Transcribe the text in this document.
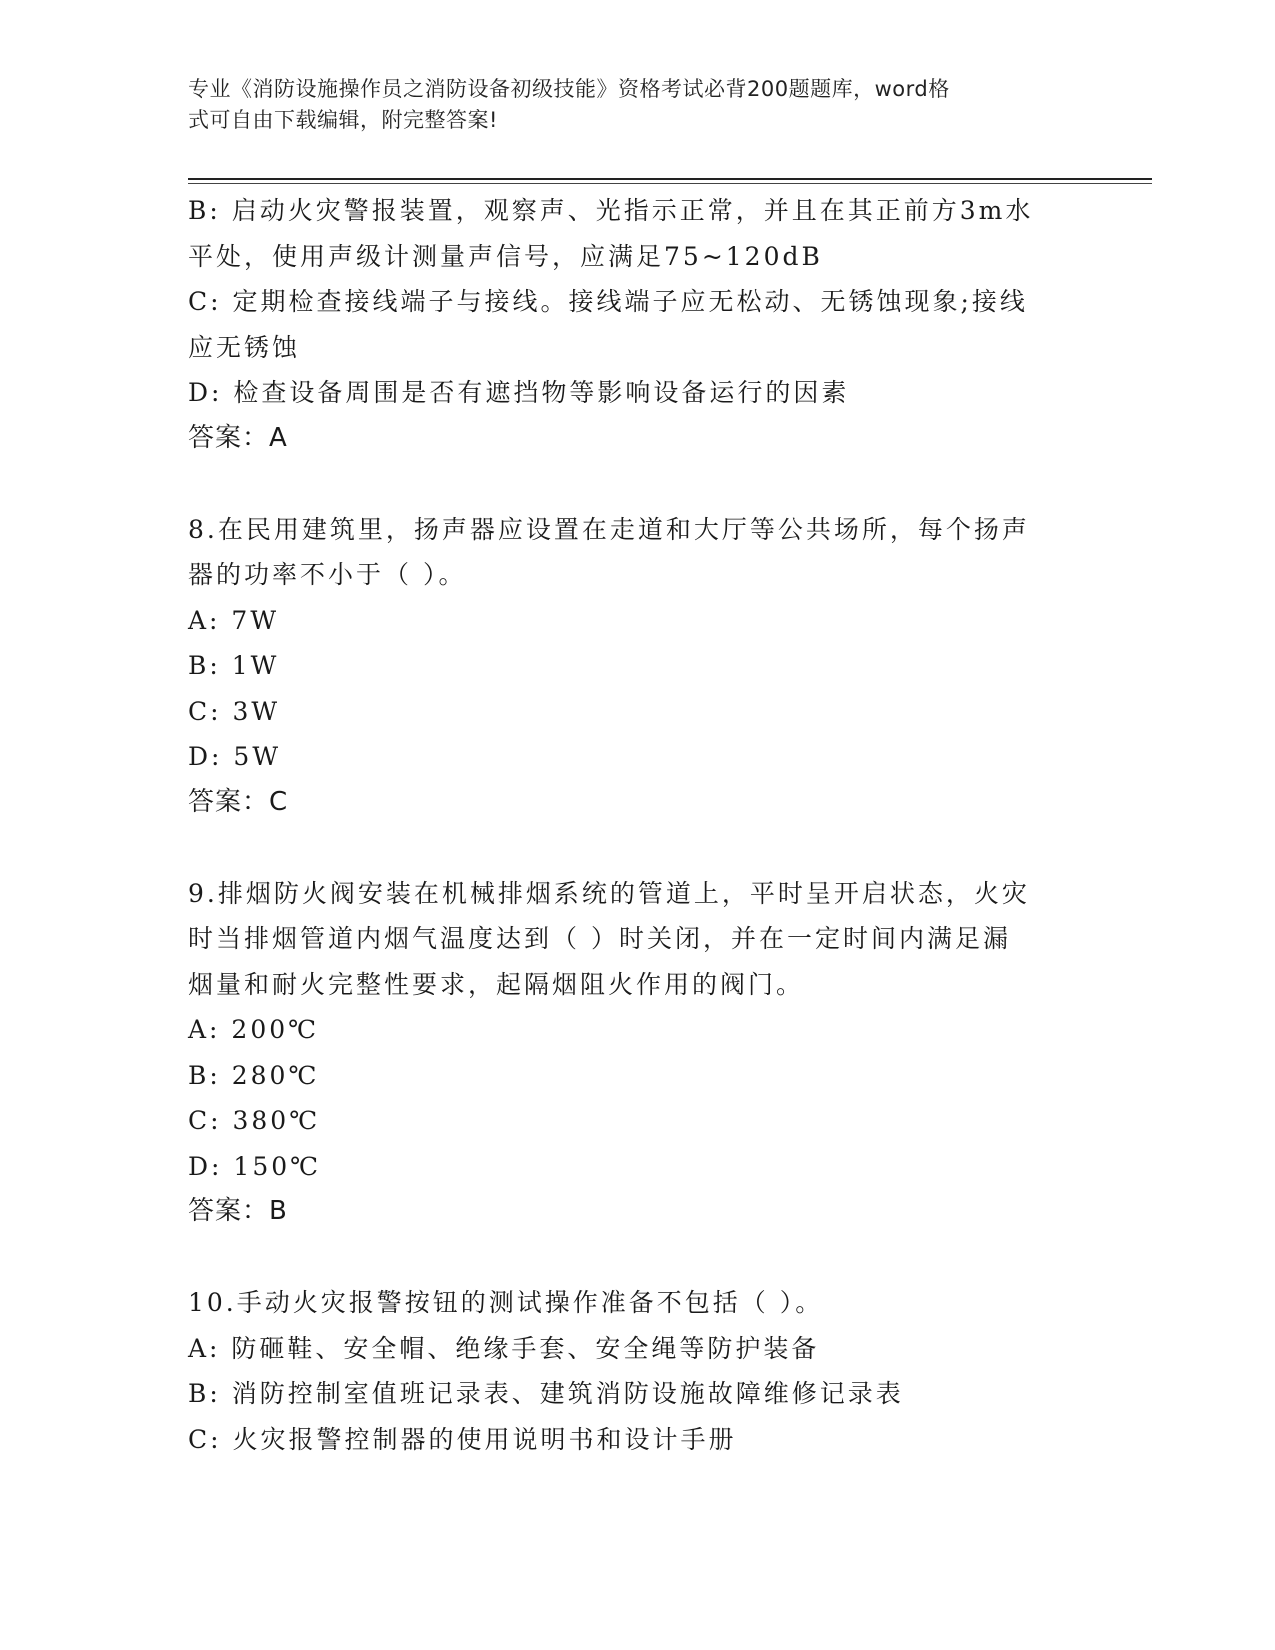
专业《消防设施操作员之消防设备初级技能》资格考试必背200题题库，word格
式可自由下载编辑，附完整答案!
B: 启动火灾警报装置，观察声、光指示正常，并且在其正前方3m水
平处，使用声级计测量声信号，应满足75~120dB
C: 定期检查接线端子与接线。接线端子应无松动、无锈蚀现象;接线
应无锈蚀
D: 检查设备周围是否有遮挡物等影响设备运行的因素
答案：A
8.在民用建筑里，扬声器应设置在走道和大厅等公共场所，每个扬声
器的功率不小于（ ）。
A: 7W
B: 1W
C: 3W
D: 5W
答案：C
9.排烟防火阀安装在机械排烟系统的管道上，平时呈开启状态，火灾
时当排烟管道内烟气温度达到（ ）时关闭，并在一定时间内满足漏
烟量和耐火完整性要求，起隔烟阻火作用的阀门。
A: 200℃
B: 280℃
C: 380℃
D: 150℃
答案：B
10.手动火灾报警按钮的测试操作准备不包括（ ）。
A: 防砸鞋、安全帽、绝缘手套、安全绳等防护装备
B: 消防控制室值班记录表、建筑消防设施故障维修记录表
C: 火灾报警控制器的使用说明书和设计手册
